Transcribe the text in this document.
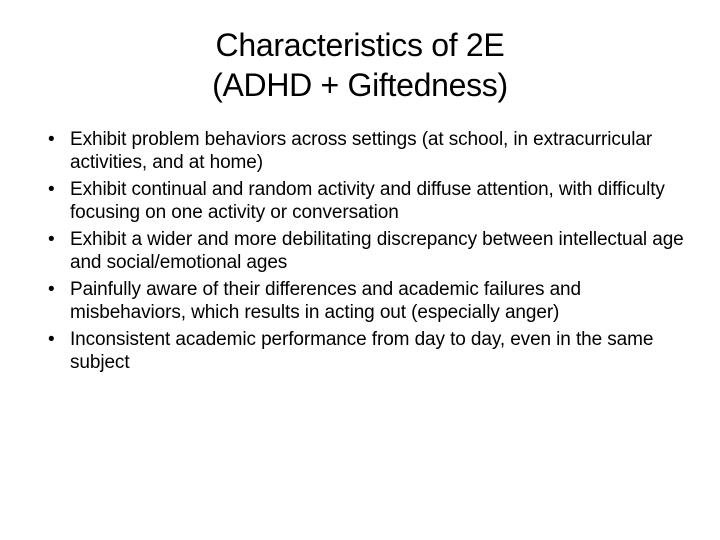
Characteristics of 2E
(ADHD + Giftedness)
• Exhibit problem behaviors across settings (at school, in extracurricular activities, and at home)
• Exhibit continual and random activity and diffuse attention, with difficulty focusing on one activity or conversation
• Exhibit a wider and more debilitating discrepancy between intellectual age and social/emotional ages
• Painfully aware of their differences and academic failures and misbehaviors, which results in acting out (especially anger)
• Inconsistent academic performance from day to day, even in the same subject
